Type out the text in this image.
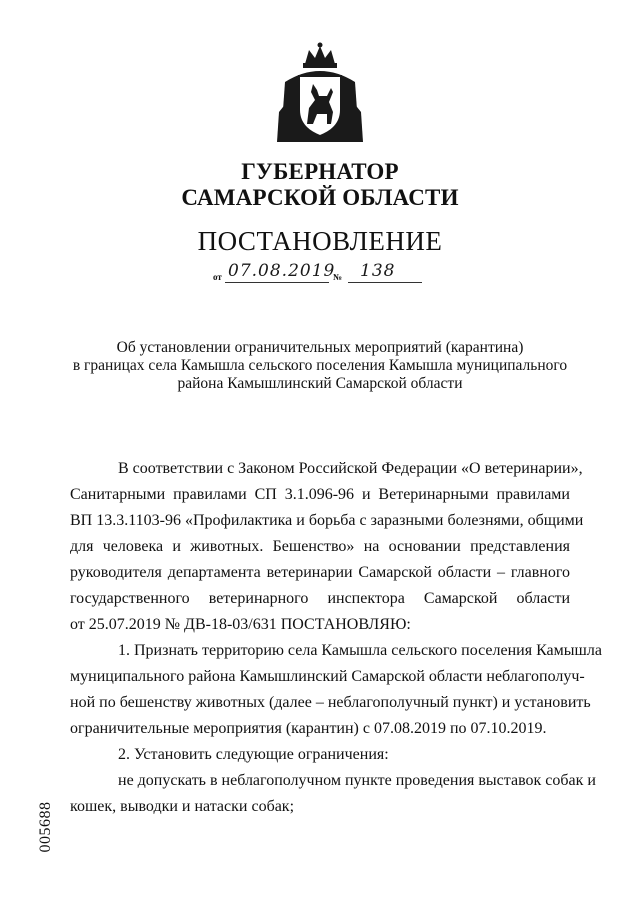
ГУБЕРНАТОР
САМАРСКОЙ ОБЛАСТИ
ПОСТАНОВЛЕНИЕ
от 07.08.2019
№ 138
Об установлении ограничительных мероприятий (карантина)
в границах села Камышла сельского поселения Камышла муниципального
района Камышлинский Самарской области
В соответствии с Законом Российской Федерации «О ветеринарии»,
Санитарными правилами СП 3.1.096-96 и Ветеринарными правилами
ВП 13.3.1103-96 «Профилактика и борьба с заразными болезнями, общими
для человека и животных. Бешенство» на основании представления
руководителя департамента ветеринарии Самарской области – главного
государственного ветеринарного инспектора Самарской области
от 25.07.2019 № ДВ-18-03/631 ПОСТАНОВЛЯЮ:
1. Признать территорию села Камышла сельского поселения Камышла
муниципального района Камышлинский Самарской области неблагополуч-
ной по бешенству животных (далее – неблагополучный пункт) и установить
ограничительные мероприятия (карантин) с 07.08.2019 по 07.10.2019.
2. Установить следующие ограничения:
не допускать в неблагополучном пункте проведения выставок собак и
кошек, выводки и натаски собак;
005688
